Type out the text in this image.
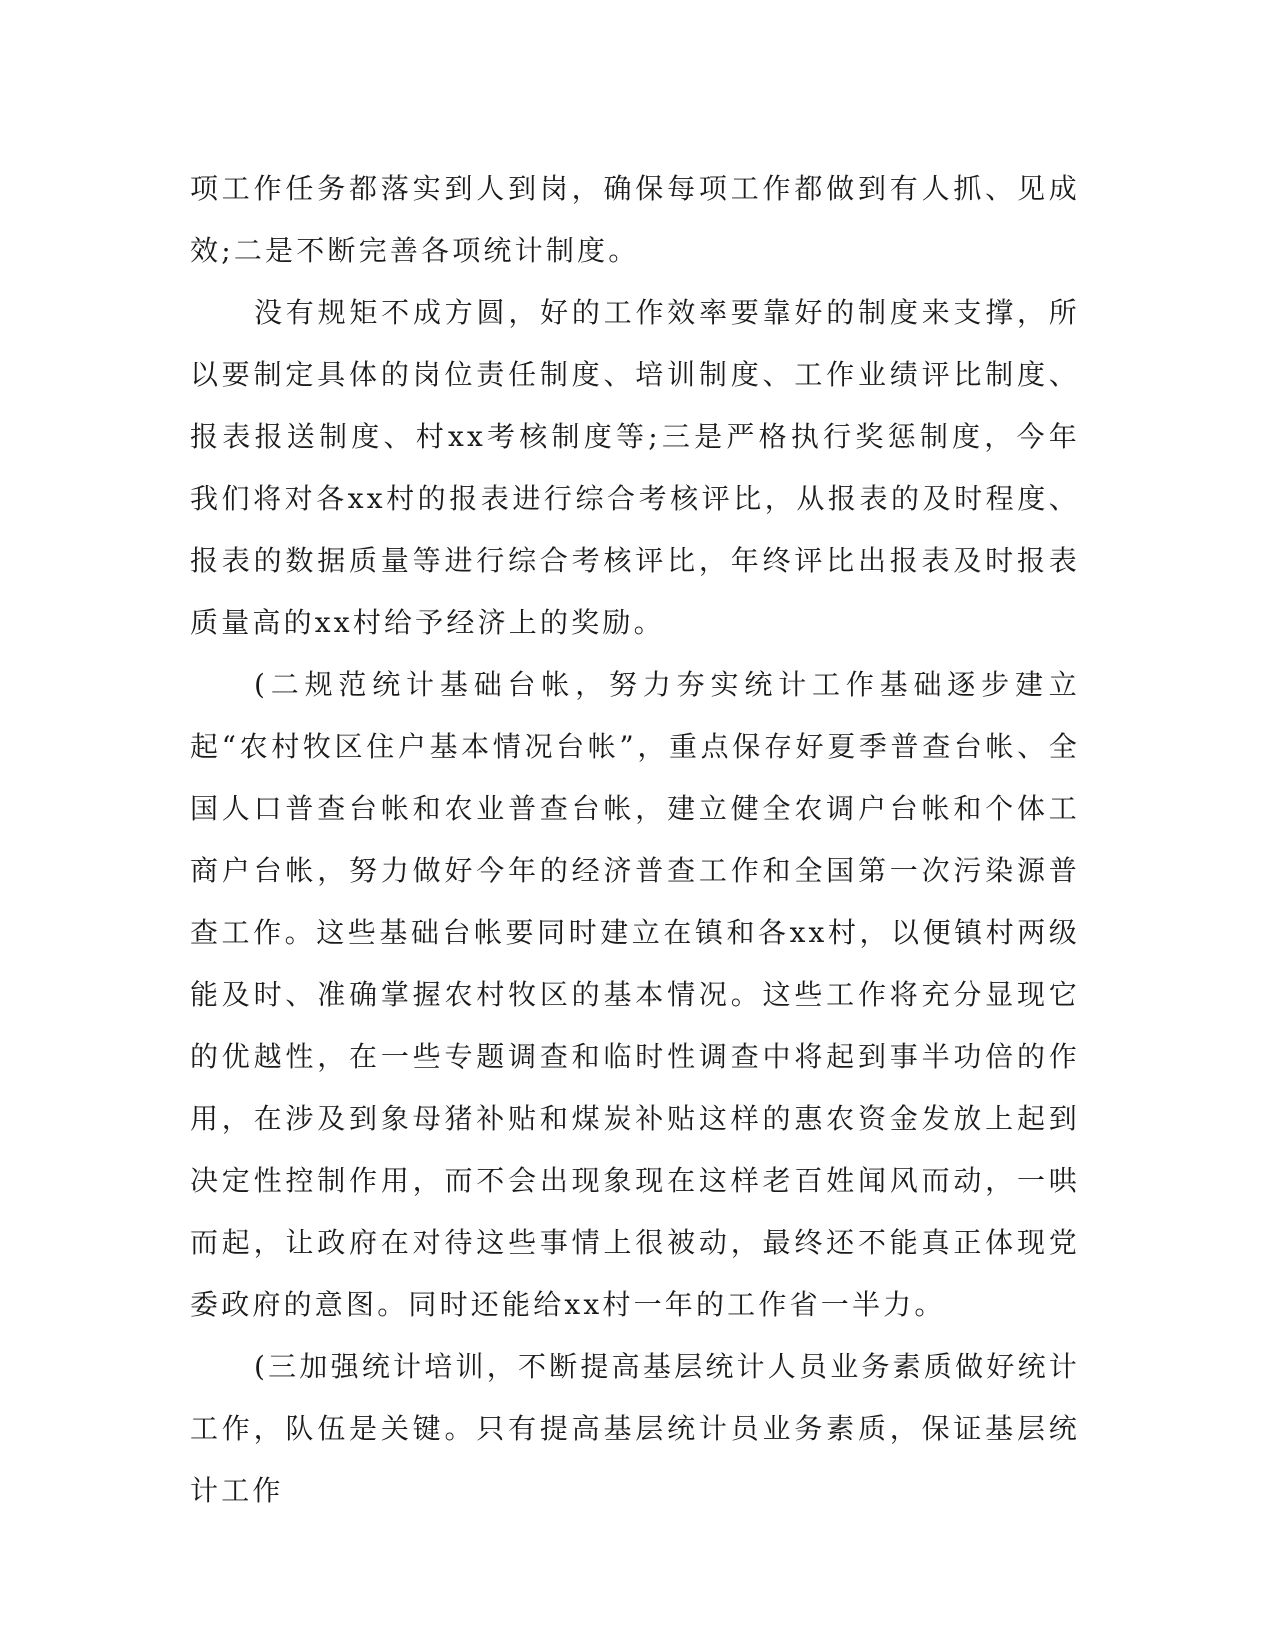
项工作任务都落实到人到岗，确保每项工作都做到有人抓、见成效;二是不断完善各项统计制度。

没有规矩不成方圆，好的工作效率要靠好的制度来支撑，所以要制定具体的岗位责任制度、培训制度、工作业绩评比制度、报表报送制度、村xx考核制度等;三是严格执行奖惩制度，今年我们将对各xx村的报表进行综合考核评比，从报表的及时程度、报表的数据质量等进行综合考核评比，年终评比出报表及时报表质量高的xx村给予经济上的奖励。

(二规范统计基础台帐，努力夯实统计工作基础逐步建立起“农村牧区住户基本情况台帐”，重点保存好夏季普查台帐、全国人口普查台帐和农业普查台帐，建立健全农调户台帐和个体工商户台帐，努力做好今年的经济普查工作和全国第一次污染源普查工作。这些基础台帐要同时建立在镇和各xx村，以便镇村两级能及时、准确掌握农村牧区的基本情况。这些工作将充分显现它的优越性，在一些专题调查和临时性调查中将起到事半功倍的作用，在涉及到象母猪补贴和煤炭补贴这样的惠农资金发放上起到决定性控制作用，而不会出现象现在这样老百姓闻风而动，一哄而起，让政府在对待这些事情上很被动，最终还不能真正体现党委政府的意图。同时还能给xx村一年的工作省一半力。

(三加强统计培训，不断提高基层统计人员业务素质做好统计工作，队伍是关键。只有提高基层统计员业务素质，保证基层统计工作
